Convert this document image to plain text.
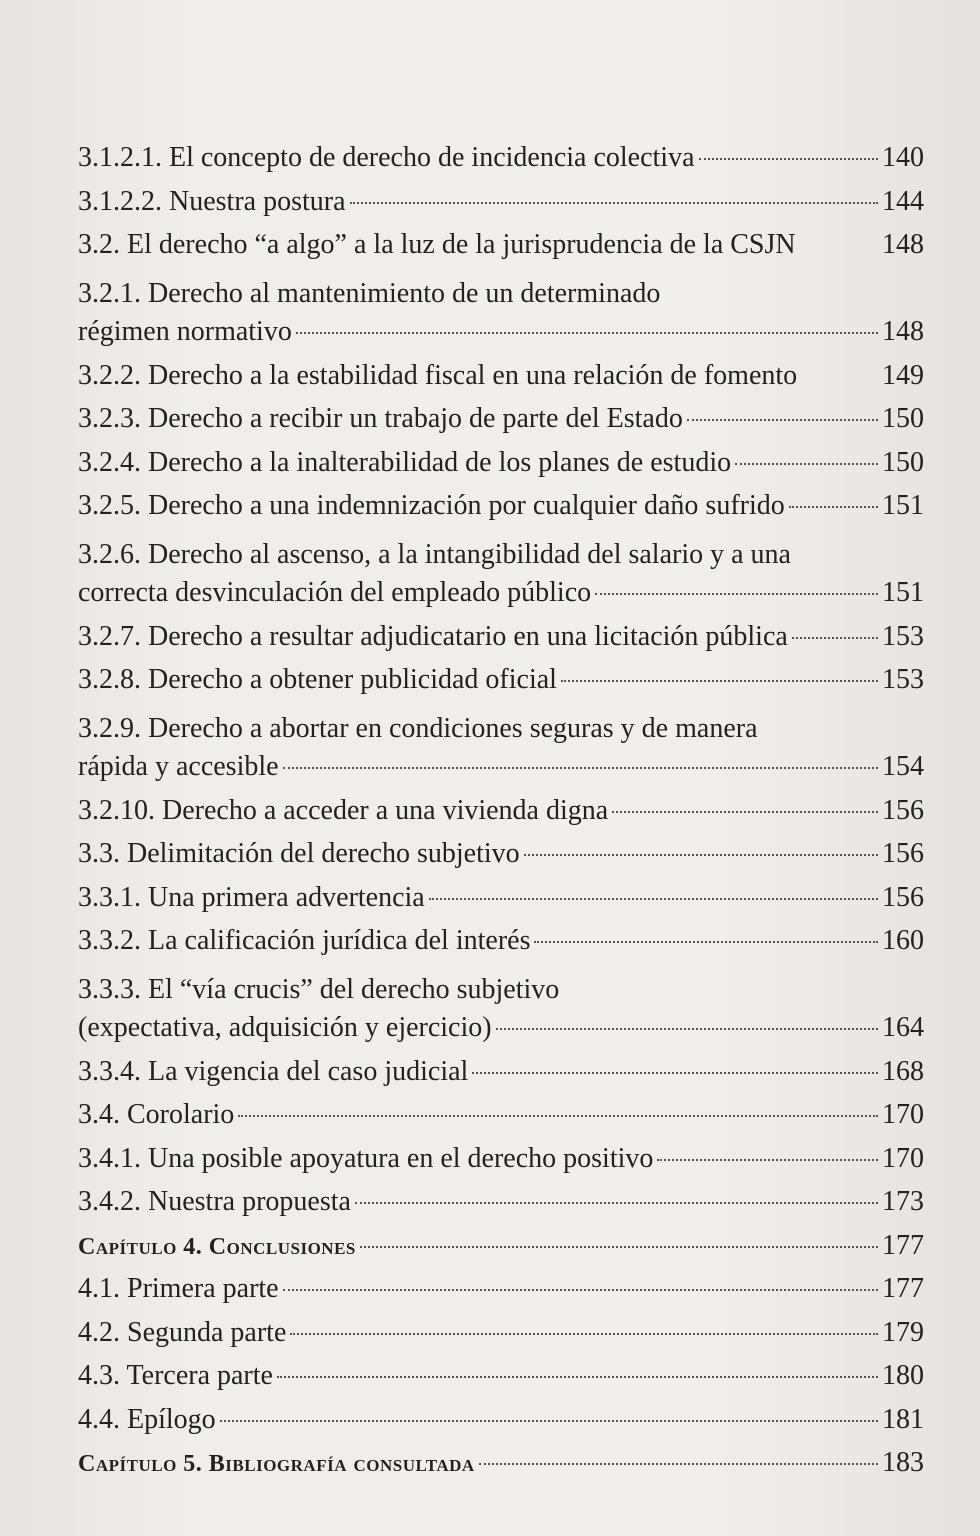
3.1.2.1. El concepto de derecho de incidencia colectiva	140
3.1.2.2. Nuestra postura	144
3.2. El derecho “a algo” a la luz de la jurisprudencia de la CSJN	148
3.2.1. Derecho al mantenimiento de un determinado
régimen normativo	148
3.2.2. Derecho a la estabilidad fiscal en una relación de fomento	149
3.2.3. Derecho a recibir un trabajo de parte del Estado	150
3.2.4. Derecho a la inalterabilidad de los planes de estudio	150
3.2.5. Derecho a una indemnización por cualquier daño sufrido	151
3.2.6. Derecho al ascenso, a la intangibilidad del salario y a una
correcta desvinculación del empleado público	151
3.2.7. Derecho a resultar adjudicatario en una licitación pública	153
3.2.8. Derecho a obtener publicidad oficial	153
3.2.9. Derecho a abortar en condiciones seguras y de manera
rápida y accesible	154
3.2.10. Derecho a acceder a una vivienda digna	156
3.3. Delimitación del derecho subjetivo	156
3.3.1. Una primera advertencia	156
3.3.2. La calificación jurídica del interés	160
3.3.3. El “vía crucis” del derecho subjetivo
(expectativa, adquisición y ejercicio)	164
3.3.4. La vigencia del caso judicial	168
3.4. Corolario	170
3.4.1. Una posible apoyatura en el derecho positivo	170
3.4.2. Nuestra propuesta	173
Capítulo 4. Conclusiones	177
4.1. Primera parte	177
4.2. Segunda parte	179
4.3. Tercera parte	180
4.4. Epílogo	181
Capítulo 5. Bibliografía consultada	183
